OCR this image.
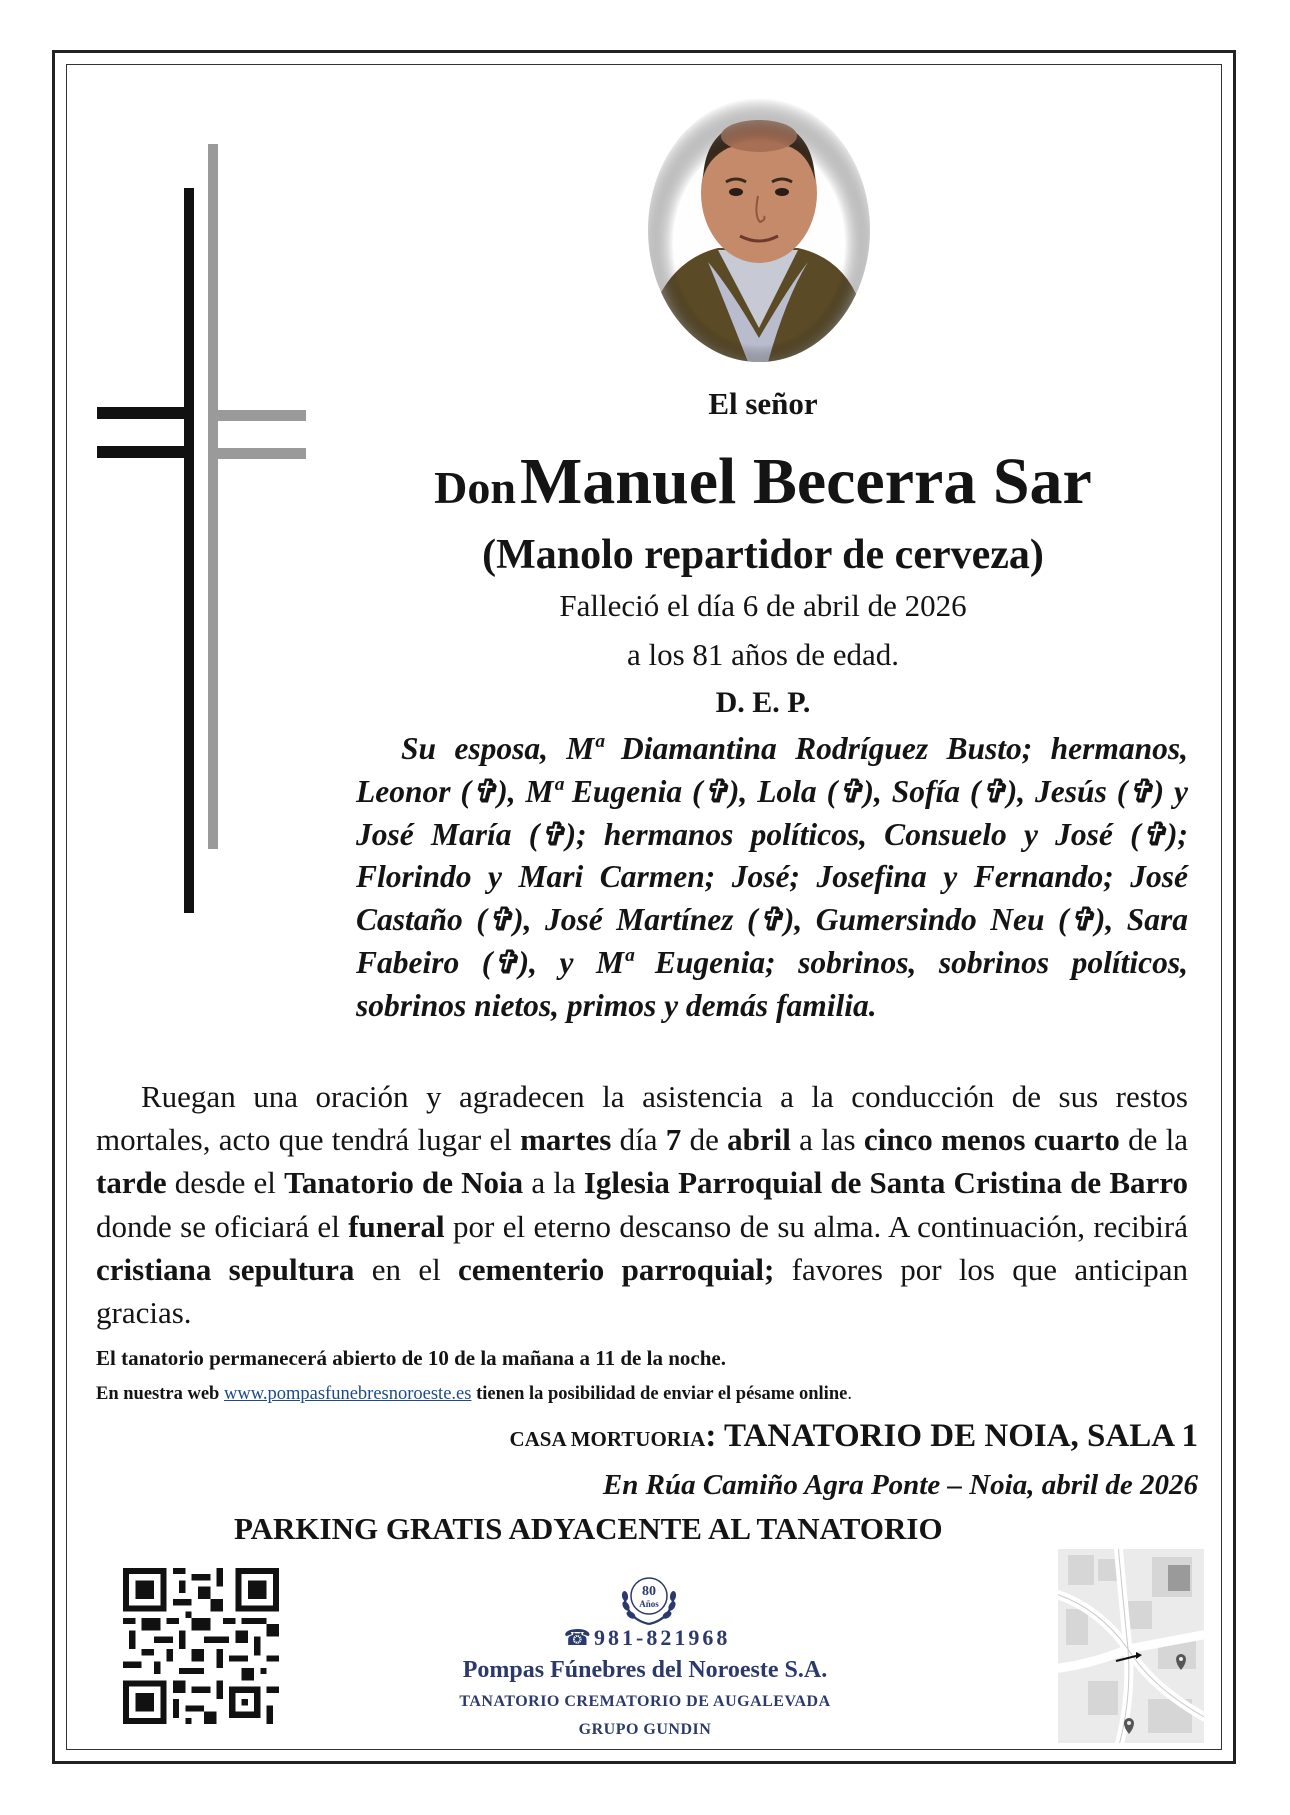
El señor
Don Manuel Becerra Sar
(Manolo repartidor de cerveza)
Falleció el día 6 de abril de 2026
a los 81 años de edad.
D. E. P.

Su esposa, Mª Diamantina Rodríguez Busto; hermanos, Leonor (✞), Mª Eugenia (✞), Lola (✞), Sofía (✞), Jesús (✞) y José María (✞); hermanos políticos, Consuelo y José (✞); Florindo y Mari Carmen; José; Josefina y Fernando; José Castaño (✞), José Martínez (✞), Gumersindo Neu (✞), Sara Fabeiro (✞), y Mª Eugenia; sobrinos, sobrinos políticos, sobrinos nietos, primos y demás familia.

Ruegan una oración y agradecen la asistencia a la conducción de sus restos mortales, acto que tendrá lugar el martes día 7 de abril a las cinco menos cuarto de la tarde desde el Tanatorio de Noia a la Iglesia Parroquial de Santa Cristina de Barro donde se oficiará el funeral por el eterno descanso de su alma. A continuación, recibirá cristiana sepultura en el cementerio parroquial; favores por los que anticipan gracias.

El tanatorio permanecerá abierto de 10 de la mañana a 11 de la noche.
En nuestra web www.pompasfunebresnoroeste.es tienen la posibilidad de enviar el pésame online.
CASA MORTUORIA: TANATORIO DE NOIA, SALA 1
En Rúa Camiño Agra Ponte – Noia, abril de 2026
PARKING GRATIS ADYACENTE AL TANATORIO
80
Años
☎981-821968
Pompas Fúnebres del Noroeste S.A.
TANATORIO CREMATORIO DE AUGALEVADA
GRUPO GUNDIN
